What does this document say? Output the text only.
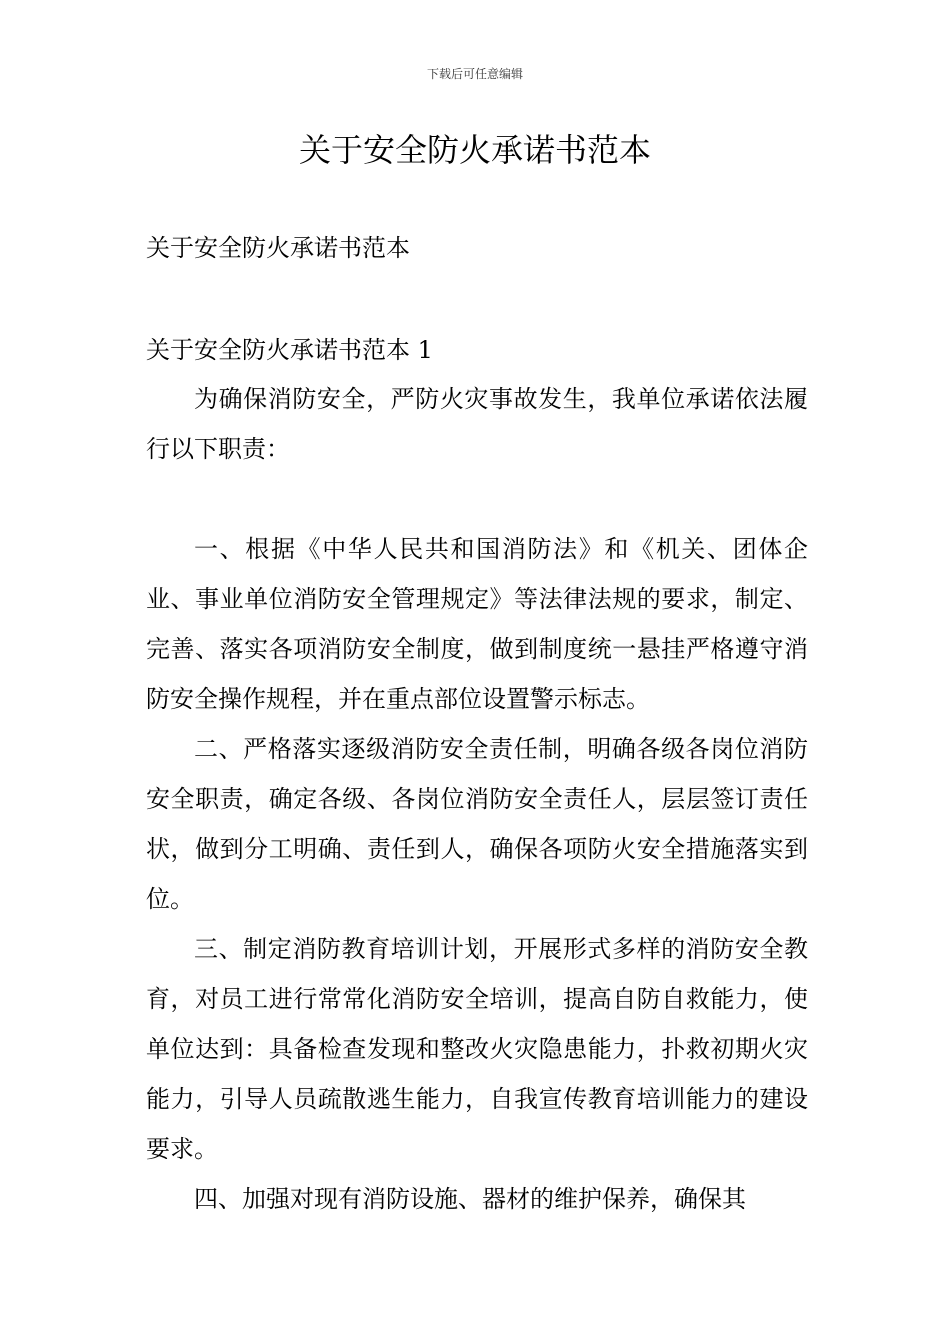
下载后可任意编辑
关于安全防火承诺书范本
关于安全防火承诺书范本
关于安全防火承诺书范本 1

为确保消防安全，严防火灾事故发生，我单位承诺依法履行以下职责：

一、根据《中华人民共和国消防法》和《机关、团体企业、事业单位消防安全管理规定》等法律法规的要求，制定、完善、落实各项消防安全制度，做到制度统一悬挂严格遵守消防安全操作规程，并在重点部位设置警示标志。

二、严格落实逐级消防安全责任制，明确各级各岗位消防安全职责，确定各级、各岗位消防安全责任人，层层签订责任状，做到分工明确、责任到人，确保各项防火安全措施落实到位。

三、制定消防教育培训计划，开展形式多样的消防安全教育，对员工进行常常化消防安全培训，提高自防自救能力，使单位达到：具备检查发现和整改火灾隐患能力，扑救初期火灾能力，引导人员疏散逃生能力，自我宣传教育培训能力的建设要求。

四、加强对现有消防设施、器材的维护保养，确保其
